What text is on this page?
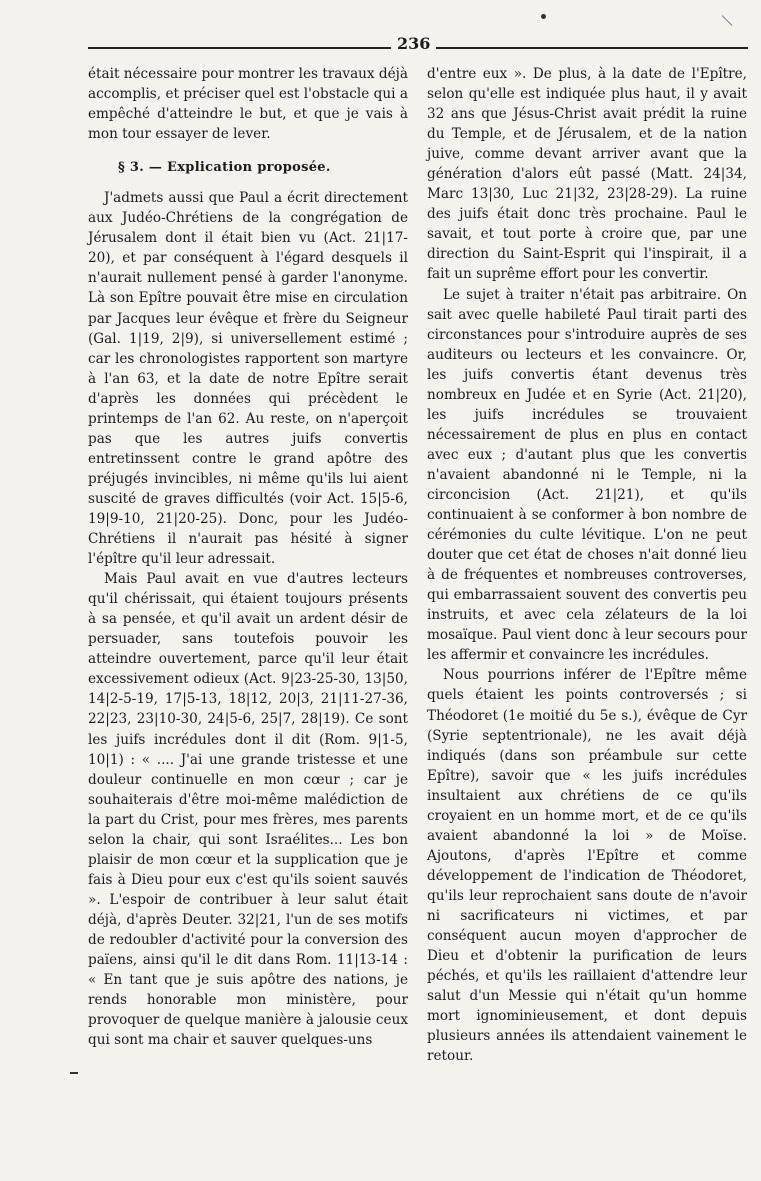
236

était nécessaire pour montrer les travaux déjà accomplis, et préciser quel est l'obstacle qui a empêché d'atteindre le but, et que je vais à mon tour essayer de lever.

§ 3. — Explication proposée.

J'admets aussi que Paul a écrit directement aux Judéo-Chrétiens de la congrégation de Jérusalem dont il était bien vu (Act. 21|17-20), et par conséquent à l'égard desquels il n'aurait nullement pensé à garder l'anonyme. Là son Epître pouvait être mise en circulation par Jacques leur évêque et frère du Seigneur (Gal. 1|19, 2|9), si universellement estimé ; car les chronologistes rapportent son martyre à l'an 63, et la date de notre Epître serait d'après les données qui précèdent le printemps de l'an 62. Au reste, on n'aperçoit pas que les autres juifs convertis entretinssent contre le grand apôtre des préjugés invincibles, ni même qu'ils lui aient suscité de graves difficultés (voir Act. 15|5-6, 19|9-10, 21|20-25). Donc, pour les Judéo-Chrétiens il n'aurait pas hésité à signer l'épître qu'il leur adressait.

Mais Paul avait en vue d'autres lecteurs qu'il chérissait, qui étaient toujours présents à sa pensée, et qu'il avait un ardent désir de persuader, sans toutefois pouvoir les atteindre ouvertement, parce qu'il leur était excessivement odieux (Act. 9|23-25-30, 13|50, 14|2-5-19, 17|5-13, 18|12, 20|3, 21|11-27-36, 22|23, 23|10-30, 24|5-6, 25|7, 28|19). Ce sont les juifs incrédules dont il dit (Rom. 9|1-5, 10|1) : « .... J'ai une grande tristesse et une douleur continuelle en mon cœur ; car je souhaiterais d'être moi-même malédiction de la part du Crist, pour mes frères, mes parents selon la chair, qui sont Israélites... Les bon plaisir de mon cœur et la supplication que je fais à Dieu pour eux c'est qu'ils soient sauvés ». L'espoir de contribuer à leur salut était déjà, d'après Deuter. 32|21, l'un de ses motifs de redoubler d'activité pour la conversion des païens, ainsi qu'il le dit dans Rom. 11|13-14 : « En tant que je suis apôtre des nations, je rends honorable mon ministère, pour provoquer de quelque manière à jalousie ceux qui sont ma chair et sauver quelques-uns

d'entre eux ». De plus, à la date de l'Epître, selon qu'elle est indiquée plus haut, il y avait 32 ans que Jésus-Christ avait prédit la ruine du Temple, et de Jérusalem, et de la nation juive, comme devant arriver avant que la génération d'alors eût passé (Matt. 24|34, Marc 13|30, Luc 21|32, 23|28-29). La ruine des juifs était donc très prochaine. Paul le savait, et tout porte à croire que, par une direction du Saint-Esprit qui l'inspirait, il a fait un suprême effort pour les convertir.

Le sujet à traiter n'était pas arbitraire. On sait avec quelle habileté Paul tirait parti des circonstances pour s'introduire auprès de ses auditeurs ou lecteurs et les convaincre. Or, les juifs convertis étant devenus très nombreux en Judée et en Syrie (Act. 21|20), les juifs incrédules se trouvaient nécessairement de plus en plus en contact avec eux ; d'autant plus que les convertis n'avaient abandonné ni le Temple, ni la circoncision (Act. 21|21), et qu'ils continuaient à se conformer à bon nombre de cérémonies du culte lévitique. L'on ne peut douter que cet état de choses n'ait donné lieu à de fréquentes et nombreuses controverses, qui embarrassaient souvent des convertis peu instruits, et avec cela zélateurs de la loi mosaïque. Paul vient donc à leur secours pour les affermir et convaincre les incrédules.

Nous pourrions inférer de l'Epître même quels étaient les points controversés ; si Théodoret (1e moitié du 5e s.), évêque de Cyr (Syrie septentrionale), ne les avait déjà indiqués (dans son préambule sur cette Epître), savoir que « les juifs incrédules insultaient aux chrétiens de ce qu'ils croyaient en un homme mort, et de ce qu'ils avaient abandonné la loi » de Moïse. Ajoutons, d'après l'Epître et comme développement de l'indication de Théodoret, qu'ils leur reprochaient sans doute de n'avoir ni sacrificateurs ni victimes, et par conséquent aucun moyen d'approcher de Dieu et d'obtenir la purification de leurs péchés, et qu'ils les raillaient d'attendre leur salut d'un Messie qui n'était qu'un homme mort ignominieusement, et dont depuis plusieurs années ils attendaient vainement le retour.
